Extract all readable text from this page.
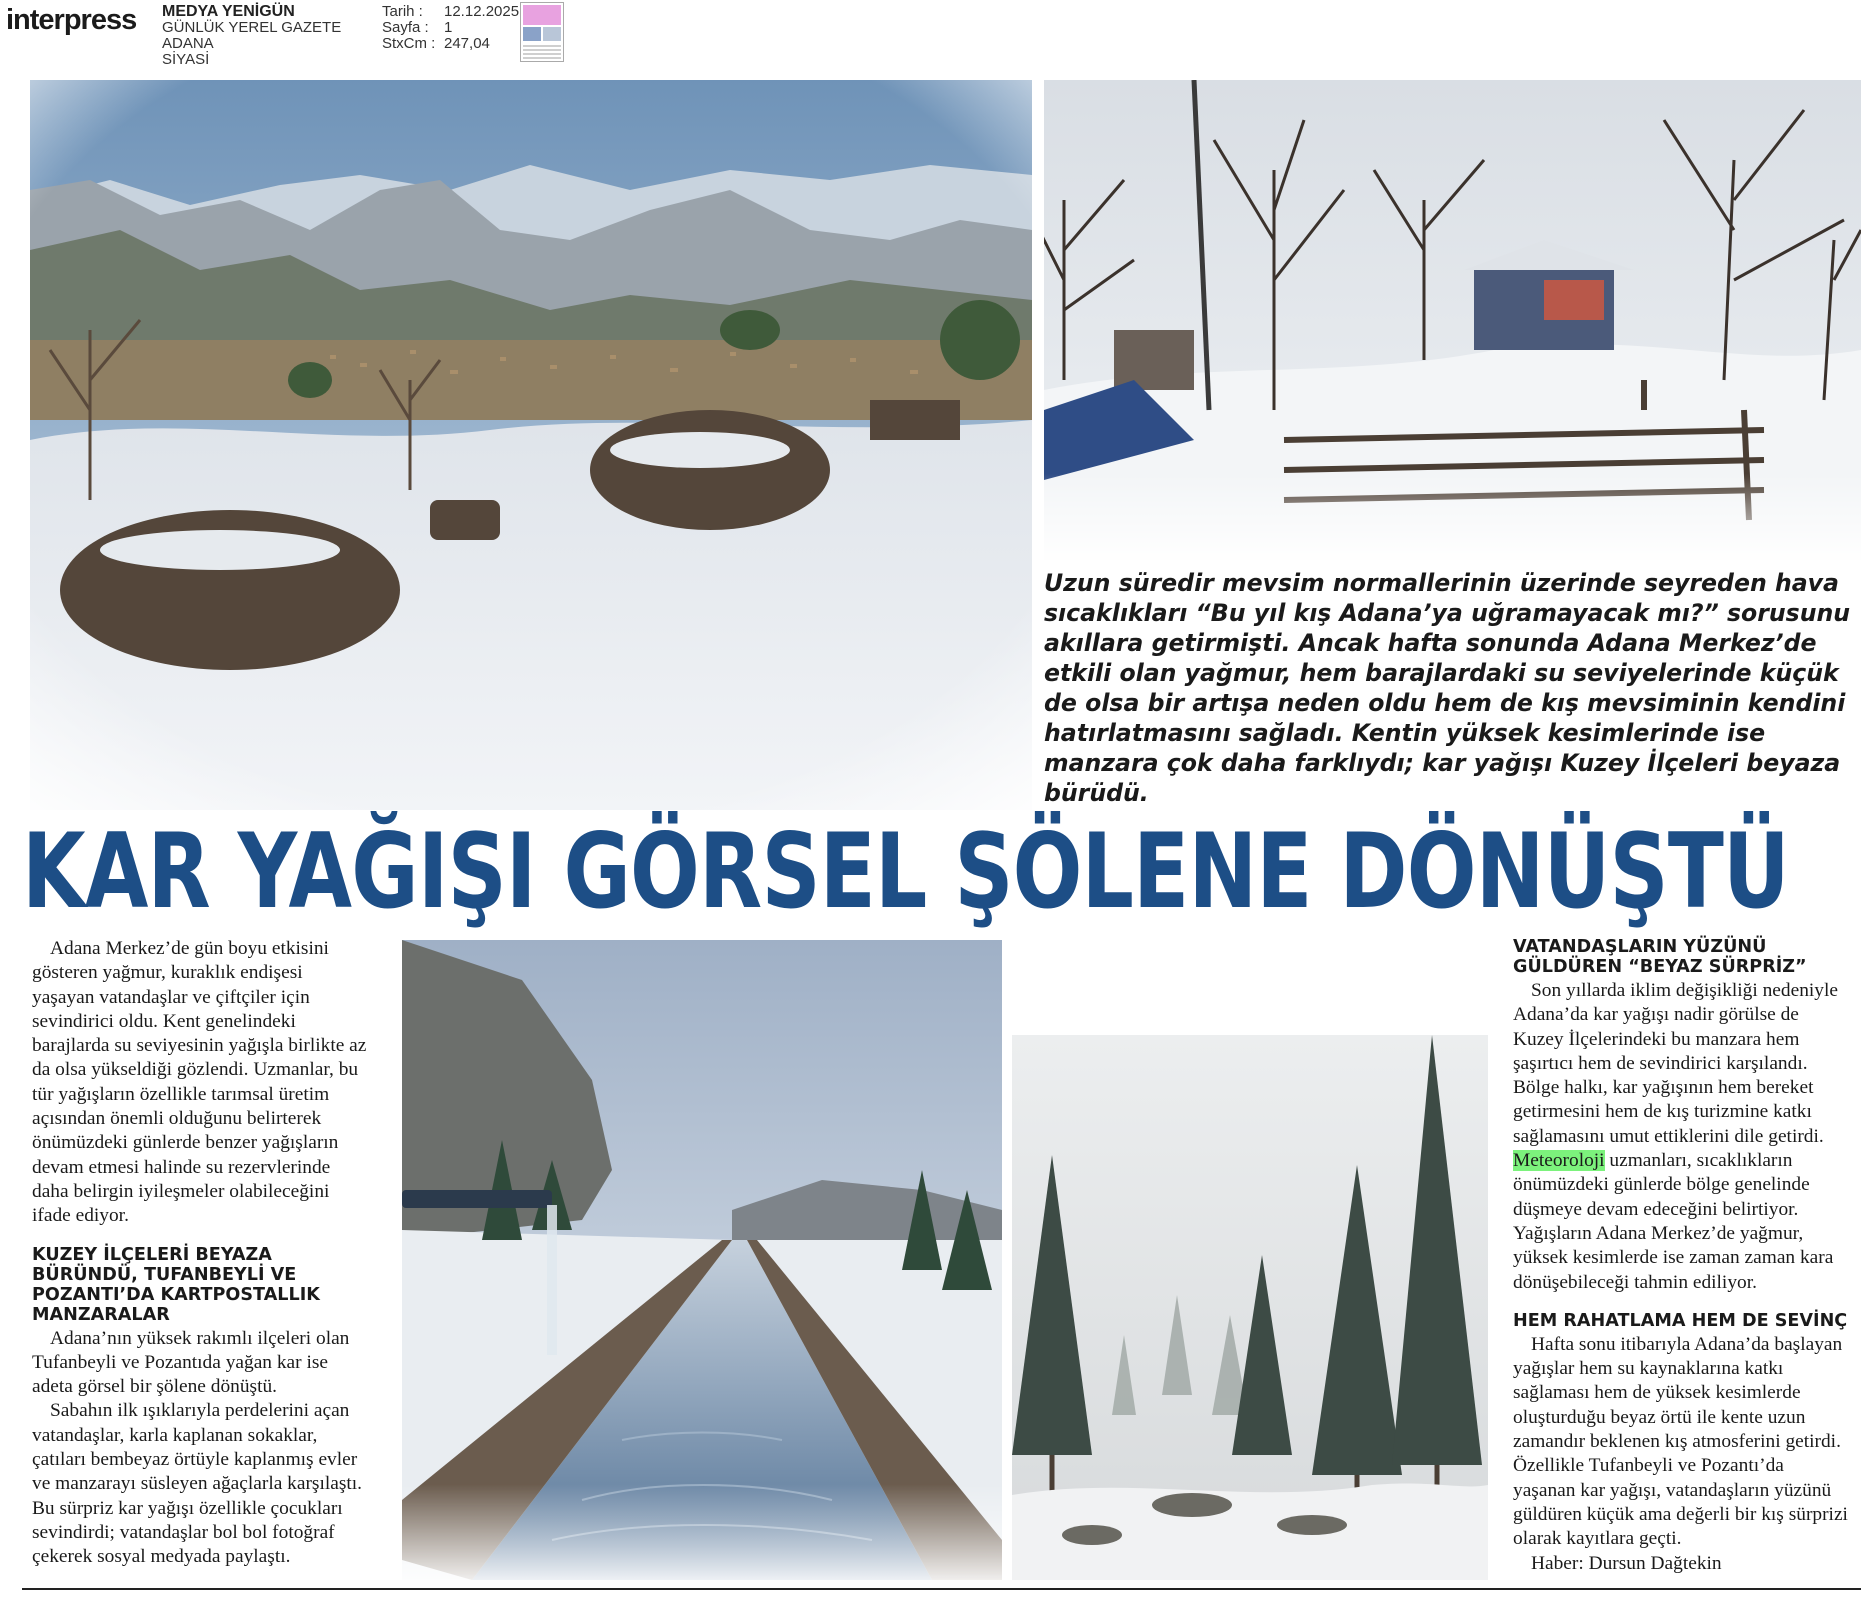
interpress MEDYA YENİGÜN
GÜNLÜK YEREL GAZETE
ADANA
SİYASİ
Tarih :	12.12.2025
Sayfa :	1
StxCm : 247,04
Uzun süredir mevsim normallerinin üzerinde seyreden hava sıcaklıkları “Bu yıl kış Adana’ya uğramayacak mı?” sorusunu akıllara getirmişti. Ancak hafta sonunda Adana Merkez’de etkili olan yağmur, hem barajlardaki su seviyelerinde küçük de olsa bir artışa neden oldu hem de kış mevsiminin kendini hatırlatmasını sağladı. Kentin yüksek kesimlerinde ise manzara çok daha farklıydı; kar yağışı Kuzey İlçeleri beyaza bürüdü.
KAR YAĞIŞI GÖRSEL ŞÖLENE DÖNÜŞTÜ

Adana Merkez’de gün boyu etkisini gösteren yağmur, kuraklık endişesi yaşayan vatandaşlar ve çiftçiler için sevindirici oldu. Kent genelindeki barajlarda su seviyesinin yağışla birlikte az da olsa yükseldiği gözlendi. Uzmanlar, bu tür yağışların özellikle tarımsal üretim açısından önemli olduğunu belirterek önümüzdeki günlerde benzer yağışların devam etmesi halinde su rezervlerinde daha belirgin iyileşmeler olabileceğini ifade ediyor.

KUZEY İLÇELERİ BEYAZA BÜRÜNDÜ, TUFANBEYLİ VE POZANTI’DA KARTPOSTALLIK MANZARALAR

Adana’nın yüksek rakımlı ilçeleri olan Tufanbeyli ve Pozantıda yağan kar ise adeta görsel bir şölene dönüştü.

Sabahın ilk ışıklarıyla perdelerini açan vatandaşlar, karla kaplanan sokaklar, çatıları bembeyaz örtüyle kaplanmış evler ve manzarayı süsleyen ağaçlarla karşılaştı. Bu sürpriz kar yağışı özellikle çocukları sevindirdi; vatandaşlar bol bol fotoğraf çekerek sosyal medyada paylaştı.

VATANDAŞLARIN YÜZÜNÜ GÜLDÜREN “BEYAZ SÜRPRİZ”

Son yıllarda iklim değişikliği nedeniyle Adana’da kar yağışı nadir görülse de Kuzey İlçelerindeki bu manzara hem şaşırtıcı hem de sevindirici karşılandı. Bölge halkı, kar yağışının hem bereket getirmesini hem de kış turizmine katkı sağlamasını umut ettiklerini dile getirdi. Meteoroloji uzmanları, sıcaklıkların önümüzdeki günlerde bölge genelinde düşmeye devam edeceğini belirtiyor. Yağışların Adana Merkez’de yağmur, yüksek kesimlerde ise zaman zaman kara dönüşebileceği tahmin ediliyor.

HEM RAHATLAMA HEM DE SEVİNÇ

Hafta sonu itibarıyla Adana’da başlayan yağışlar hem su kaynaklarına katkı sağlaması hem de yüksek kesimlerde oluşturduğu beyaz örtü ile kente uzun zamandır beklenen kış atmosferini getirdi. Özellikle Tufanbeyli ve Pozantı’da yaşanan kar yağışı, vatandaşların yüzünü güldüren küçük ama değerli bir kış sürprizi olarak kayıtlara geçti.

Haber: Dursun Dağtekin
